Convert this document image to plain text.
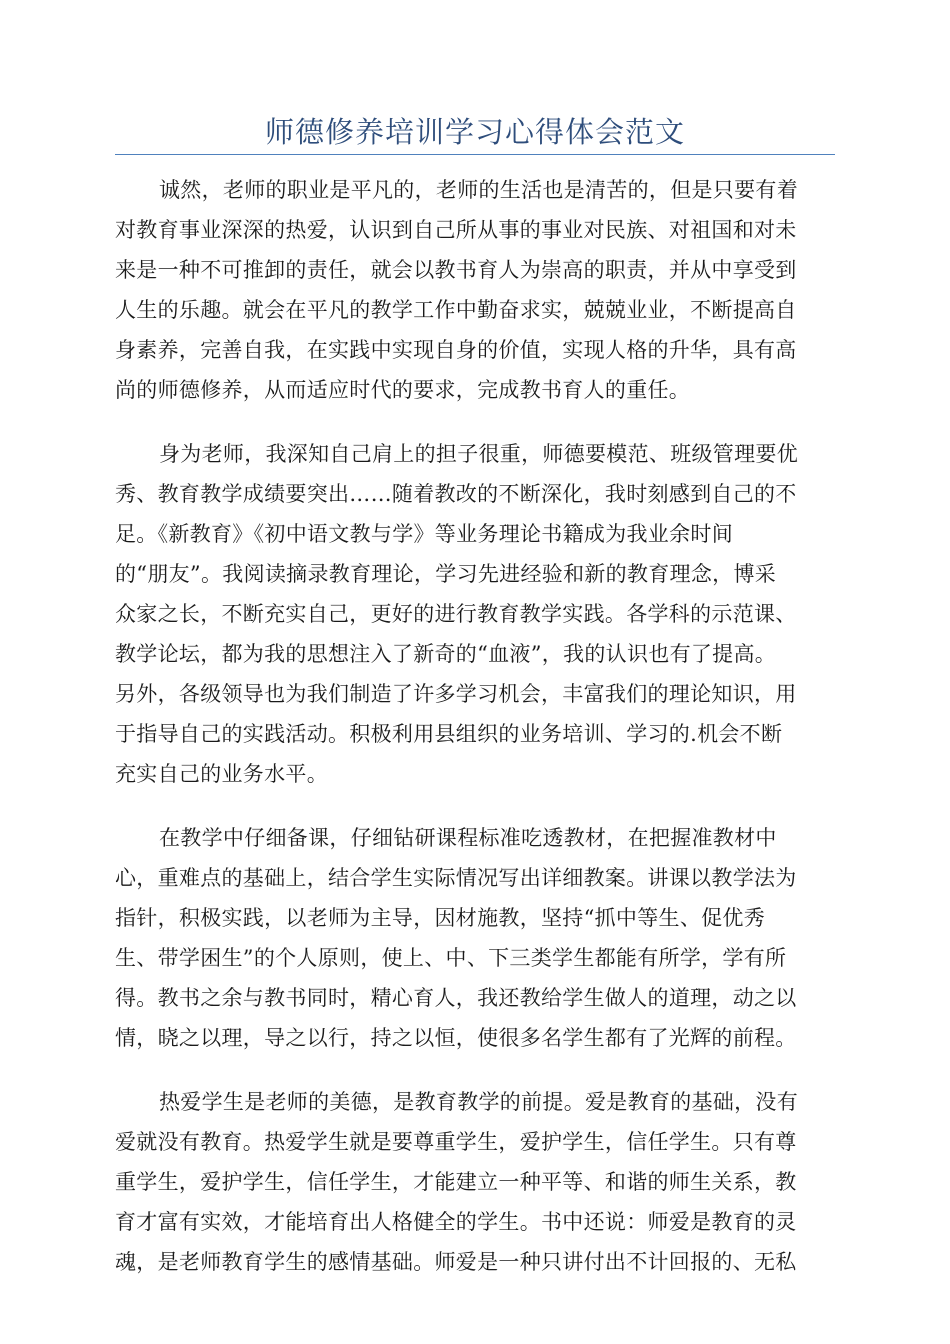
师德修养培训学习心得体会范文
诚然，老师的职业是平凡的，老师的生活也是清苦的，但是只要有着
对教育事业深深的热爱，认识到自己所从事的事业对民族、对祖国和对未
来是一种不可推卸的责任，就会以教书育人为崇高的职责，并从中享受到
人生的乐趣。就会在平凡的教学工作中勤奋求实，兢兢业业，不断提高自
身素养，完善自我，在实践中实现自身的价值，实现人格的升华，具有高
尚的师德修养，从而适应时代的要求，完成教书育人的重任。
身为老师，我深知自己肩上的担子很重，师德要模范、班级管理要优
秀、教育教学成绩要突出……随着教改的不断深化，我时刻感到自己的不
足。《新教育》《初中语文教与学》等业务理论书籍成为我业余时间
的“朋友”。我阅读摘录教育理论，学习先进经验和新的教育理念，博采
众家之长，不断充实自己，更好的进行教育教学实践。各学科的示范课、
教学论坛，都为我的思想注入了新奇的“血液”，我的认识也有了提高。
另外，各级领导也为我们制造了许多学习机会，丰富我们的理论知识，用
于指导自己的实践活动。积极利用县组织的业务培训、学习的.机会不断
充实自己的业务水平。
在教学中仔细备课，仔细钻研课程标准吃透教材，在把握准教材中
心，重难点的基础上，结合学生实际情况写出详细教案。讲课以教学法为
指针，积极实践，以老师为主导，因材施教，坚持“抓中等生、促优秀
生、带学困生”的个人原则，使上、中、下三类学生都能有所学，学有所
得。教书之余与教书同时，精心育人，我还教给学生做人的道理，动之以
情，晓之以理，导之以行，持之以恒，使很多名学生都有了光辉的前程。
热爱学生是老师的美德，是教育教学的前提。爱是教育的基础，没有
爱就没有教育。热爱学生就是要尊重学生，爱护学生，信任学生。只有尊
重学生，爱护学生，信任学生，才能建立一种平等、和谐的师生关系，教
育才富有实效，才能培育出人格健全的学生。书中还说：师爱是教育的灵
魂，是老师教育学生的感情基础。师爱是一种只讲付出不计回报的、无私
